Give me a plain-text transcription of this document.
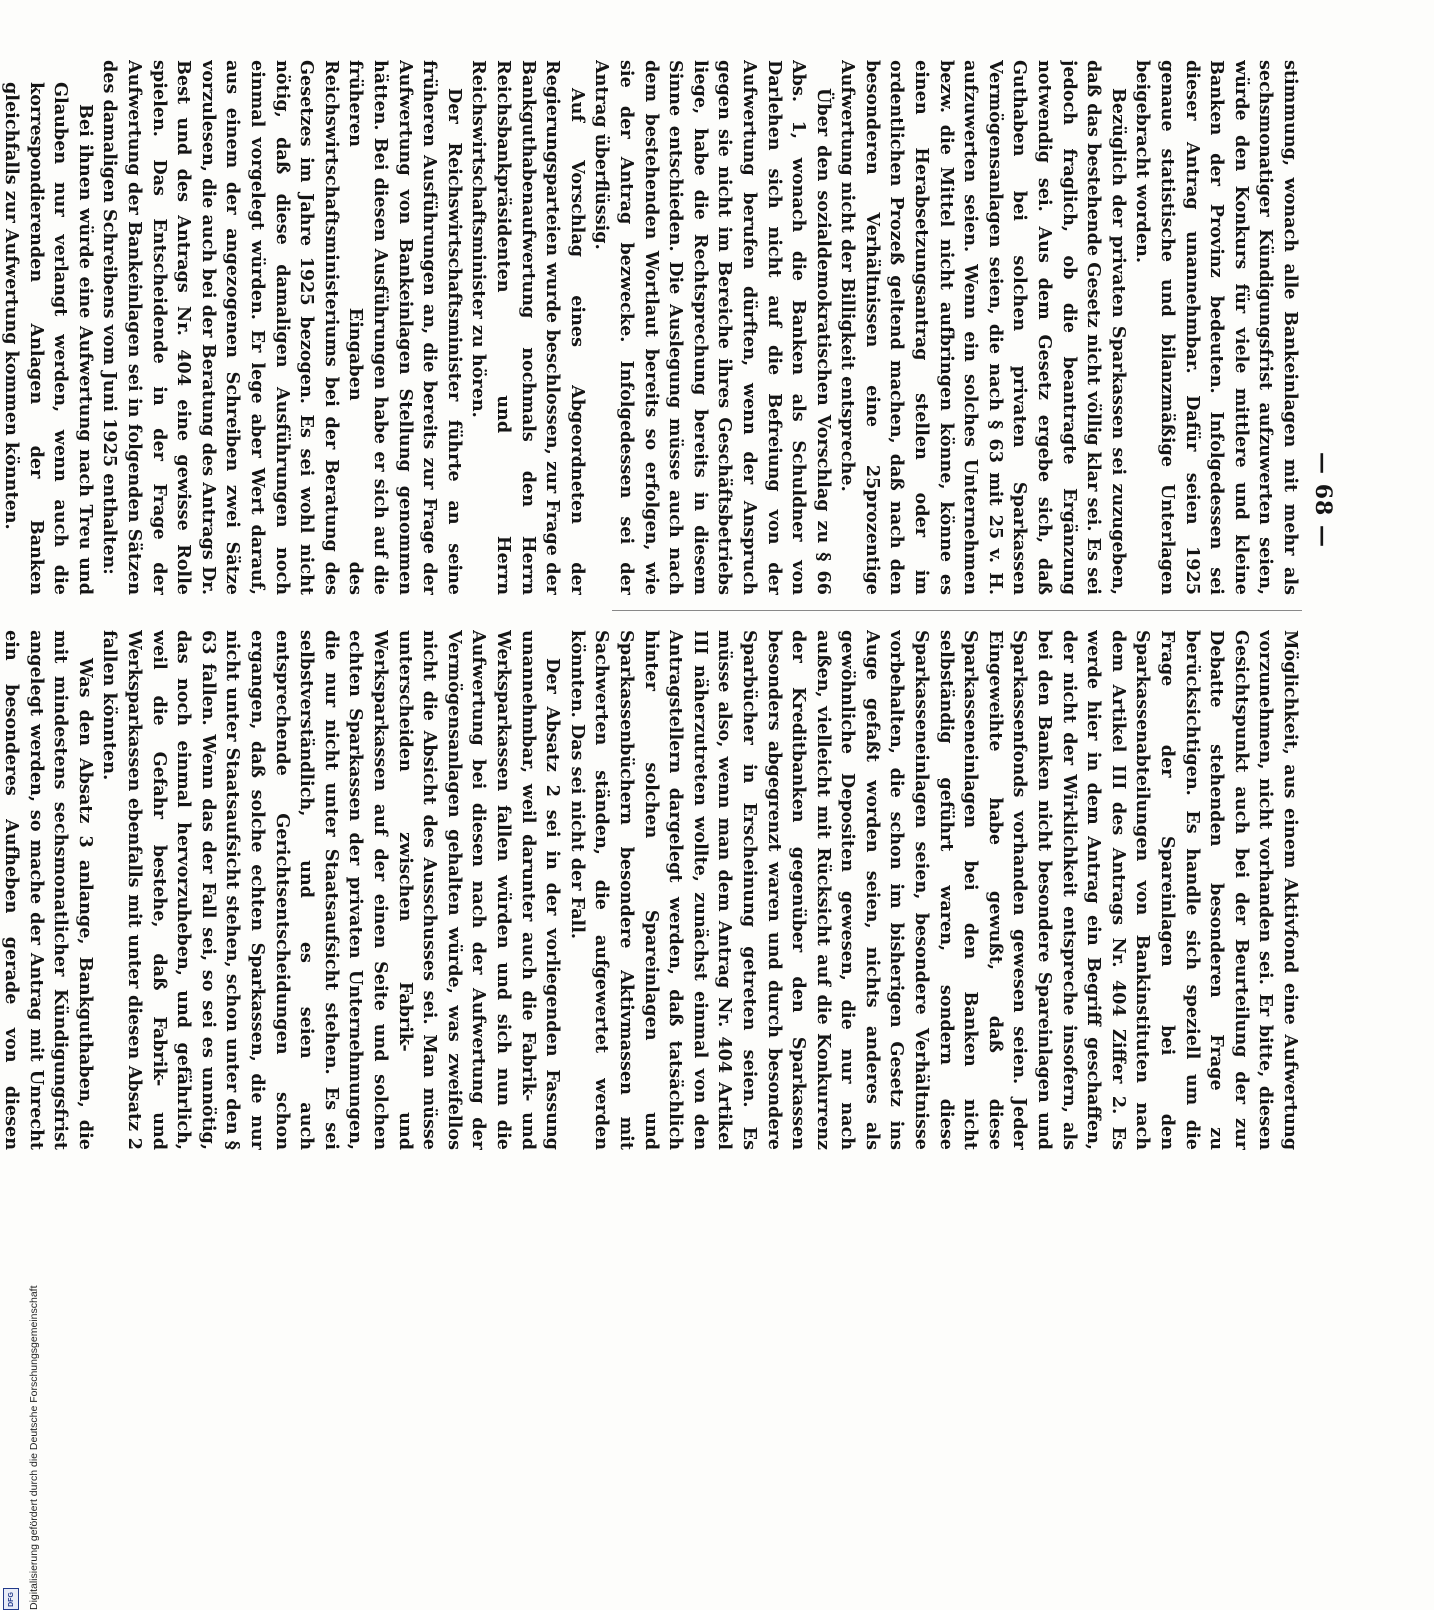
— 68 —

stimmung, wonach alle Bankeinlagen mit mehr als sechsmonatiger Kündigungsfrist aufzuwerten seien, würde den Konkurs für viele mittlere und kleine Banken der Provinz bedeuten. Infolgedessen sei dieser Antrag unannehmbar. Dafür seien 1925 genaue statistische und bilanzmäßige Unterlagen beigebracht worden.

Bezüglich der privaten Sparkassen sei zuzugeben, daß das bestehende Gesetz nicht völlig klar sei. Es sei jedoch fraglich, ob die beantragte Ergänzung notwendig sei. Aus dem Gesetz ergebe sich, daß Guthaben bei solchen privaten Sparkassen Vermögensanlagen seien, die nach § 63 mit 25 v. H. aufzuwerten seien. Wenn ein solches Unternehmen bezw. die Mittel nicht aufbringen könne, könne es einen Herabsetzungsantrag stellen oder im ordentlichen Prozeß geltend machen, daß nach den besonderen Verhältnissen eine 25prozentige Aufwertung nicht der Billigkeit entspreche.

Über den sozialdemokratischen Vorschlag zu § 66 Abs. 1, wonach die Banken als Schuldner von Darlehen sich nicht auf die Befreiung von der Aufwertung berufen dürften, wenn der Anspruch gegen sie nicht im Bereiche ihres Geschäftsbetriebs liege, habe die Rechtsprechung bereits in diesem Sinne entschieden. Die Auslegung müsse auch nach dem bestehenden Wortlaut bereits so erfolgen, wie sie der Antrag bezwecke. Infolgedessen sei der Antrag überflüssig.

Auf Vorschlag eines Abgeordneten der Regierungsparteien wurde beschlossen, zur Frage der Bankguthabenaufwertung nochmals den Herrn Reichsbankpräsidenten und Herrn Reichswirtschaftsminister zu hören.

Der Reichswirtschaftsminister führte an seine früheren Ausführungen an, die bereits zur Frage der Aufwertung von Bankeinlagen Stellung genommen hätten. Bei diesen Ausführungen habe er sich auf die früheren Eingaben des Reichswirtschaftsministeriums bei der Beratung des Gesetzes im Jahre 1925 bezogen. Es sei wohl nicht nötig, daß diese damaligen Ausführungen noch einmal vorgelegt würden. Er lege aber Wert darauf, aus einem der angezogenen Schreiben zwei Sätze vorzulesen, die auch bei der Beratung des Antrags Dr. Best und des Antrags Nr. 404 eine gewisse Rolle spielen. Das Entscheidende in der Frage der Aufwertung der Bankeinlagen sei in folgenden Sätzen des damaligen Schreibens vom Juni 1925 enthalten:

Bei ihnen würde eine Aufwertung nach Treu und Glauben nur verlangt werden, wenn auch die korrespondierenden Anlagen der Banken gleichfalls zur Aufwertung kommen könnten.

Möglichkeit, aus einem Aktivfond eine Aufwertung vorzunehmen, nicht vorhanden sei. Er bitte, diesen Gesichtspunkt auch bei der Beurteilung der zur Debatte stehenden besonderen Frage zu berücksichtigen. Es handle sich speziell um die Frage der Spareinlagen bei den Sparkassenabteilungen von Bankinstituten nach dem Artikel III des Antrags Nr. 404 Ziffer 2. Es werde hier in dem Antrag ein Begriff geschaffen, der nicht der Wirklichkeit entspreche insofern, als bei den Banken nicht besondere Spareinlagen und Sparkassenfonds vorhanden gewesen seien. Jeder Eingeweihte habe gewußt, daß diese Sparkasseneinlagen bei den Banken nicht selbständig geführt waren, sondern diese Sparkasseneinlagen seien, besondere Verhältnisse vorbehalten, die schon im bisherigen Gesetz ins Auge gefaßt worden seien, nichts anderes als gewöhnliche Depositen gewesen, die nur nach außen, vielleicht mit Rücksicht auf die Konkurrenz der Kreditbanken gegenüber den Sparkassen besonders abgegrenzt waren und durch besondere Sparbücher in Erscheinung getreten seien. Es müsse also, wenn man dem Antrag Nr. 404 Artikel III näherzutreten wollte, zunächst einmal von den Antragstellern dargelegt werden, daß tatsächlich hinter solchen Spareinlagen und Sparkassenbüchern besondere Aktivmassen mit Sachwerten ständen, die aufgewertet werden könnten. Das sei nicht der Fall.

Der Absatz 2 sei in der vorliegenden Fassung unannehmbar, weil darunter auch die Fabrik- und Werksparkassen fallen würden und sich nun die Aufwertung bei diesen nach der Aufwertung der Vermögensanlagen gehalten würde, was zweifellos nicht die Absicht des Ausschusses sei. Man müsse unterscheiden zwischen Fabrik- und Werksparkassen auf der einen Seite und solchen echten Sparkassen der privaten Unternehmungen, die nur nicht unter Staatsaufsicht stehen. Es sei selbstverständlich, und es seien auch entsprechende Gerichtsentscheidungen schon ergangen, daß solche echten Sparkassen, die nur nicht unter Staatsaufsicht stehen, schon unter den § 63 fallen. Wenn das der Fall sei, so sei es unnötig, das noch einmal hervorzuheben, und gefährlich, weil die Gefahr bestehe, daß Fabrik- und Werksparkassen ebenfalls mit unter diesen Absatz 2 fallen könnten.

Was den Absatz 3 anlange, Bankguthaben, die mit mindestens sechsmonatlicher Kündigungsfrist angelegt werden, so mache der Antrag mit Unrecht ein besonderes Aufheben gerade von diesen

Digitalisierung gefördert durch die Deutsche Forschungsgemeinschaft
DFG
